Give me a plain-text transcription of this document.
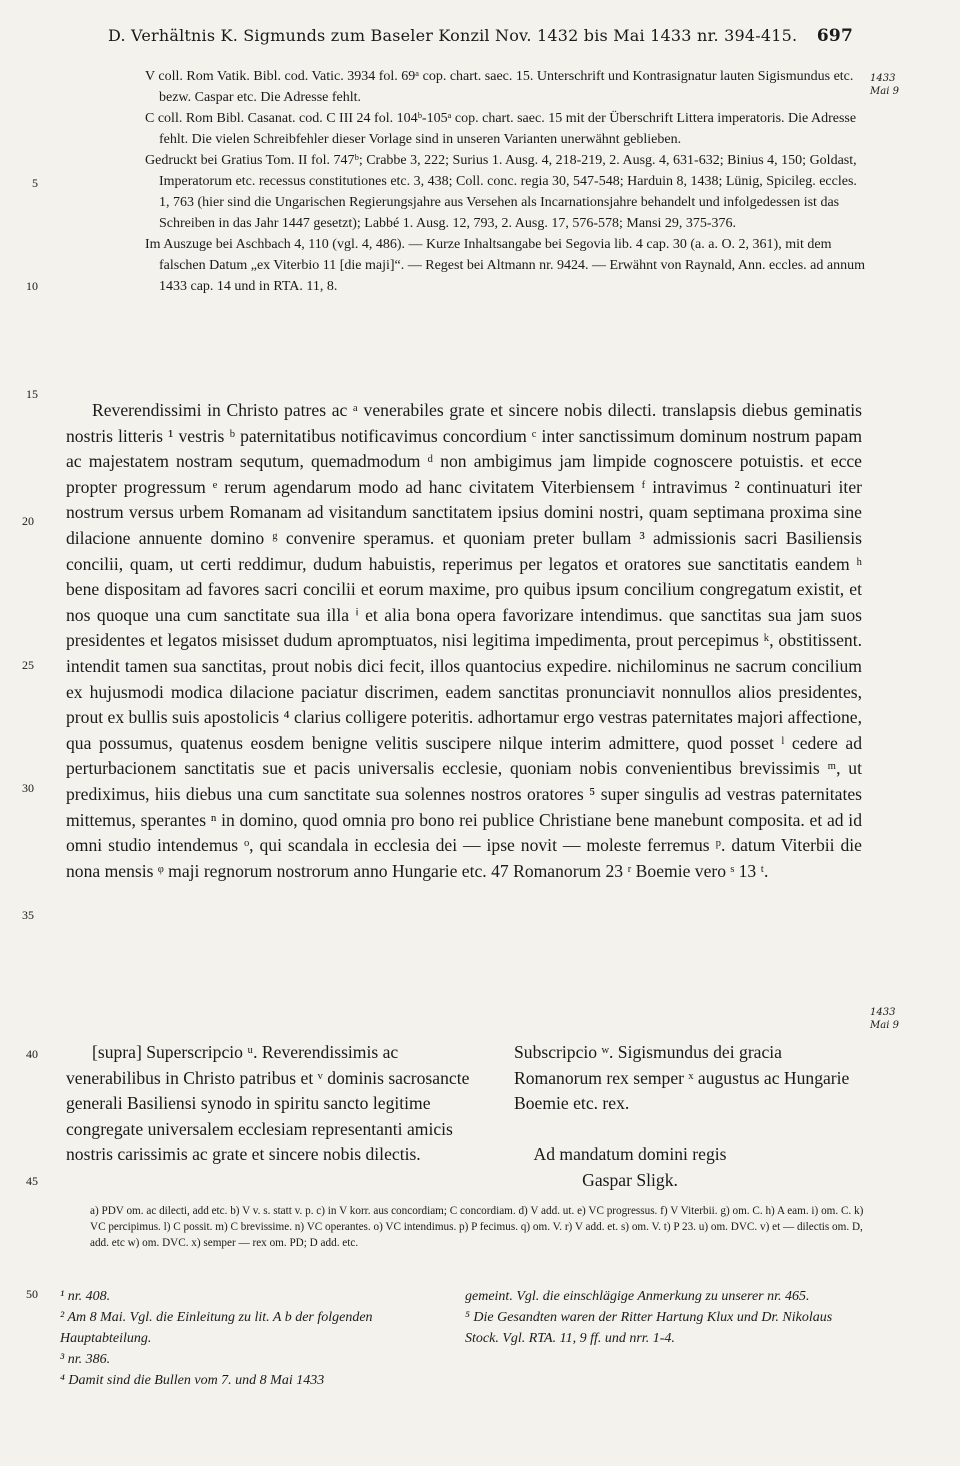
D. Verhältnis K. Sigmunds zum Baseler Konzil Nov. 1432 bis Mai 1433 nr. 394-415. 697
1433
Mai 9
1433
Mai 9
5
10
15
20
25
30
35
40
45
50

V coll. Rom Vatik. Bibl. cod. Vatic. 3934 fol. 69ᵃ cop. chart. saec. 15. Unterschrift und Kontrasignatur lauten Sigismundus etc. bezw. Caspar etc. Die Adresse fehlt.

C coll. Rom Bibl. Casanat. cod. C III 24 fol. 104ᵇ-105ᵃ cop. chart. saec. 15 mit der Überschrift Littera imperatoris. Die Adresse fehlt. Die vielen Schreibfehler dieser Vorlage sind in unseren Varianten unerwähnt geblieben.

Gedruckt bei Gratius Tom. II fol. 747ᵇ; Crabbe 3, 222; Surius 1. Ausg. 4, 218-219, 2. Ausg. 4, 631-632; Binius 4, 150; Goldast, Imperatorum etc. recessus constitutiones etc. 3, 438; Coll. conc. regia 30, 547-548; Harduin 8, 1438; Lünig, Spicileg. eccles. 1, 763 (hier sind die Ungarischen Regierungsjahre aus Versehen als Incarnationsjahre behandelt und infolgedessen ist das Schreiben in das Jahr 1447 gesetzt); Labbé 1. Ausg. 12, 793, 2. Ausg. 17, 576-578; Mansi 29, 375-376.

Im Auszuge bei Aschbach 4, 110 (vgl. 4, 486). — Kurze Inhaltsangabe bei Segovia lib. 4 cap. 30 (a. a. O. 2, 361), mit dem falschen Datum „ex Viterbio 11 [die maji]“. — Regest bei Altmann nr. 9424. — Erwähnt von Raynald, Ann. eccles. ad annum 1433 cap. 14 und in RTA. 11, 8.

Reverendissimi in Christo patres ac ᵃ venerabiles grate et sincere nobis dilecti. translapsis diebus geminatis nostris litteris ¹ vestris ᵇ paternitatibus notificavimus concordium ᶜ inter sanctissimum dominum nostrum papam ac majestatem nostram sequtum, quemadmodum ᵈ non ambigimus jam limpide cognoscere potuistis. et ecce propter progressum ᵉ rerum agendarum modo ad hanc civitatem Viterbiensem ᶠ intravimus ² continuaturi iter nostrum versus urbem Romanam ad visitandum sanctitatem ipsius domini nostri, quam septimana proxima sine dilacione annuente domino ᵍ convenire speramus. et quoniam preter bullam ³ admissionis sacri Basiliensis concilii, quam, ut certi reddimur, dudum habuistis, reperimus per legatos et oratores sue sanctitatis eandem ʰ bene dispositam ad favores sacri concilii et eorum maxime, pro quibus ipsum concilium congregatum existit, et nos quoque una cum sanctitate sua illa ⁱ et alia bona opera favorizare intendimus. que sanctitas sua jam suos presidentes et legatos misisset dudum apromptuatos, nisi legitima impedimenta, prout percepimus ᵏ, obstitissent. intendit tamen sua sanctitas, prout nobis dici fecit, illos quantocius expedire. nichilominus ne sacrum concilium ex hujusmodi modica dilacione paciatur discrimen, eadem sanctitas pronunciavit nonnullos alios presidentes, prout ex bullis suis apostolicis ⁴ clarius colligere poteritis. adhortamur ergo vestras paternitates majori affectione, qua possumus, quatenus eosdem benigne velitis suscipere nilque interim admittere, quod posset ˡ cedere ad perturbacionem sanctitatis sue et pacis universalis ecclesie, quoniam nobis convenientibus brevissimis ᵐ, ut prediximus, hiis diebus una cum sanctitate sua solennes nostros oratores ⁵ super singulis ad vestras paternitates mittemus, sperantes ⁿ in domino, quod omnia pro bono rei publice Christiane bene manebunt composita. et ad id omni studio intendemus ᵒ, qui scandala in ecclesia dei — ipse novit — moleste ferremus ᵖ. datum Viterbii die nona mensis ᵠ maji regnorum nostrorum anno Hungarie etc. 47 Romanorum 23 ʳ Boemie vero ˢ 13 ᵗ.

[supra] Superscripcio ᵘ. Reverendissimis ac venerabilibus in Christo patribus et ᵛ dominis sacrosancte generali Basiliensi synodo in spiritu sancto legitime congregate universalem ecclesiam representanti amicis nostris carissimis ac grate et sincere nobis dilectis.
Subscripcio ʷ. Sigismundus dei gracia Romanorum rex semper ˣ augustus ac Hungarie Boemie etc. rex.
Ad mandatum domini regis
Gaspar Sligk.
a) PDV om. ac dilecti, add etc. b) V v. s. statt v. p. c) in V korr. aus concordiam; C concordiam. d) V add. ut. e) VC progressus. f) V Viterbii. g) om. C. h) A eam. i) om. C. k) VC percipimus. l) C possit. m) C brevissime. n) VC operantes. o) VC intendimus. p) P fecimus. q) om. V. r) V add. et. s) om. V. t) P 23. u) om. DVC. v) et — dilectis om. D, add. etc w) om. DVC. x) semper — rex om. PD; D add. etc.
¹ nr. 408.
² Am 8 Mai. Vgl. die Einleitung zu lit. A b der folgenden Hauptabteilung.
³ nr. 386.
⁴ Damit sind die Bullen vom 7. und 8 Mai 1433
gemeint. Vgl. die einschlägige Anmerkung zu unserer nr. 465.
⁵ Die Gesandten waren der Ritter Hartung Klux und Dr. Nikolaus Stock. Vgl. RTA. 11, 9 ff. und nrr. 1-4.
